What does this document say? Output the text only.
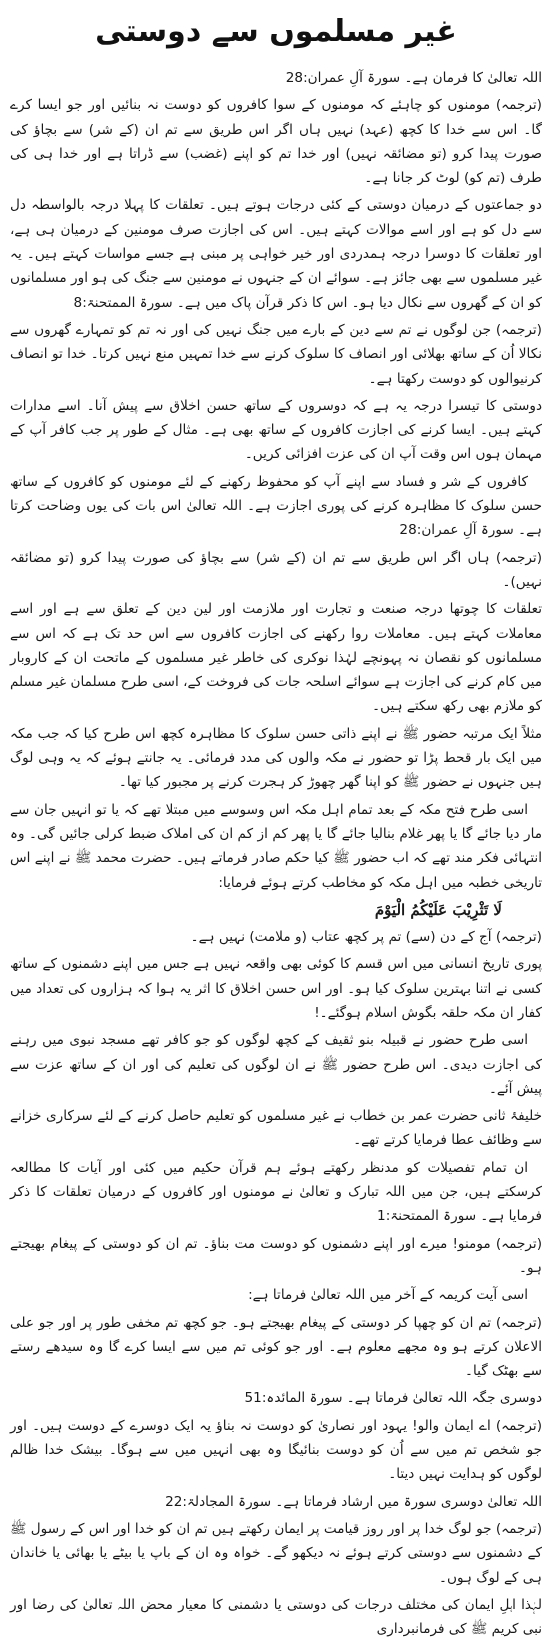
غیر مسلموں سے دوستی

اللہ تعالیٰ کا فرمان ہے۔ سورۃ آلِ عمران:28

(ترجمہ) مومنوں کو چاہئے کہ مومنوں کے سوا کافروں کو دوست نہ بنائیں اور جو ایسا کرے گا۔ اس سے خدا کا کچھ (عہد) نہیں ہاں اگر اس طریق سے تم ان (کے شر) سے بچاؤ کی صورت پیدا کرو (تو مضائقہ نہیں) اور خدا تم کو اپنے (غضب) سے ڈراتا ہے اور خدا ہی کی طرف (تم کو) لوٹ کر جانا ہے۔

دو جماعتوں کے درمیان دوستی کے کئی درجات ہوتے ہیں۔ تعلقات کا پہلا درجہ بالواسطہ دل سے دل کو ہے اور اسے موالات کہتے ہیں۔ اس کی اجازت صرف مومنین کے درمیان ہی ہے، اور تعلقات کا دوسرا درجہ ہمدردی اور خیر خواہی پر مبنی ہے جسے مواسات کہتے ہیں۔ یہ غیر مسلموں سے بھی جائز ہے۔ سوائے ان کے جنہوں نے مومنین سے جنگ کی ہو اور مسلمانوں کو ان کے گھروں سے نکال دیا ہو۔ اس کا ذکر قرآن پاک میں ہے۔ سورۃ الممتحنۃ:8

(ترجمہ) جن لوگوں نے تم سے دین کے بارے میں جنگ نہیں کی اور نہ تم کو تمہارے گھروں سے نکالا اُن کے ساتھ بھلائی اور انصاف کا سلوک کرنے سے خدا تمہیں منع نہیں کرتا۔ خدا تو انصاف کرنیوالوں کو دوست رکھتا ہے۔

دوستی کا تیسرا درجہ یہ ہے کہ دوسروں کے ساتھ حسن اخلاق سے پیش آنا۔ اسے مدارات کہتے ہیں۔ ایسا کرنے کی اجازت کافروں کے ساتھ بھی ہے۔ مثال کے طور پر جب کافر آپ کے مہمان ہوں اس وقت آپ ان کی عزت افزائی کریں۔

کافروں کے شر و فساد سے اپنے آپ کو محفوظ رکھنے کے لئے مومنوں کو کافروں کے ساتھ حسن سلوک کا مظاہرہ کرنے کی پوری اجازت ہے۔ اللہ تعالیٰ اس بات کی یوں وضاحت کرتا ہے۔ سورۃ آلِ عمران:28

(ترجمہ) ہاں اگر اس طریق سے تم ان (کے شر) سے بچاؤ کی صورت پیدا کرو (تو مضائقہ نہیں)۔

تعلقات کا چوتھا درجہ صنعت و تجارت اور ملازمت اور لین دین کے تعلق سے ہے اور اسے معاملات کہتے ہیں۔ معاملات روا رکھنے کی اجازت کافروں سے اس حد تک ہے کہ اس سے مسلمانوں کو نقصان نہ پہونچے لہٰذا نوکری کی خاطر غیر مسلموں کے ماتحت ان کے کاروبار میں کام کرنے کی اجازت ہے سوائے اسلحہ جات کی فروخت کے، اسی طرح مسلمان غیر مسلم کو ملازم بھی رکھ سکتے ہیں۔

مثلاً ایک مرتبہ حضور ﷺ نے اپنے ذاتی حسن سلوک کا مظاہرہ کچھ اس طرح کیا کہ جب مکہ میں ایک بار قحط پڑا تو حضور نے مکہ والوں کی مدد فرمائی۔ یہ جانتے ہوئے کہ یہ وہی لوگ ہیں جنہوں نے حضور ﷺ کو اپنا گھر چھوڑ کر ہجرت کرنے پر مجبور کیا تھا۔

اسی طرح فتح مکہ کے بعد تمام اہل مکہ اس وسوسے میں مبتلا تھے کہ یا تو انہیں جان سے مار دیا جائے گا یا پھر غلام بنالیا جائے گا یا پھر کم از کم ان کی املاک ضبط کرلی جائیں گی۔ وہ انتہائی فکر مند تھے کہ اب حضور ﷺ کیا حکم صادر فرماتے ہیں۔ حضرت محمد ﷺ نے اپنے اس تاریخی خطبہ میں اہل مکہ کو مخاطب کرتے ہوئے فرمایا:

لَا تَثْرِيْبَ عَلَيْكُمُ الْيَوْمَ

(ترجمہ) آج کے دن (سے) تم پر کچھ عتاب (و ملامت) نہیں ہے۔

پوری تاریخ انسانی میں اس قسم کا کوئی بھی واقعہ نہیں ہے جس میں اپنے دشمنوں کے ساتھ کسی نے اتنا بہترین سلوک کیا ہو۔ اور اس حسن اخلاق کا اثر یہ ہوا کہ ہزاروں کی تعداد میں کفار ان مکہ حلقہ بگوش اسلام ہوگئے۔!

اسی طرح حضور نے قبیلہ بنو ثقیف کے کچھ لوگوں کو جو کافر تھے مسجد نبوی میں رہنے کی اجازت دیدی۔ اس طرح حضور ﷺ نے ان لوگوں کی تعلیم کی اور ان کے ساتھ عزت سے پیش آئے۔

خلیفۂ ثانی حضرت عمر بن خطاب نے غیر مسلموں کو تعلیم حاصل کرنے کے لئے سرکاری خزانے سے وظائف عطا فرمایا کرتے تھے۔

ان تمام تفصیلات کو مدنظر رکھتے ہوئے ہم قرآن حکیم میں کئی اور آیات کا مطالعہ کرسکتے ہیں، جن میں اللہ تبارک و تعالیٰ نے مومنوں اور کافروں کے درمیان تعلقات کا ذکر فرمایا ہے۔ سورۃ الممتحنۃ:1

(ترجمہ) مومنو! میرے اور اپنے دشمنوں کو دوست مت بناؤ۔ تم ان کو دوستی کے پیغام بھیجتے ہو۔

اسی آیت کریمہ کے آخر میں اللہ تعالیٰ فرماتا ہے:

(ترجمہ) تم ان کو چھپا کر دوستی کے پیغام بھیجتے ہو۔ جو کچھ تم مخفی طور پر اور جو علی الاعلان کرتے ہو وہ مجھے معلوم ہے۔ اور جو کوئی تم میں سے ایسا کرے گا وہ سیدھے رستے سے بھٹک گیا۔

دوسری جگہ اللہ تعالیٰ فرماتا ہے۔ سورۃ المائدہ:51

(ترجمہ) اے ایمان والو! یہود اور نصاریٰ کو دوست نہ بناؤ یہ ایک دوسرے کے دوست ہیں۔ اور جو شخص تم میں سے اُن کو دوست بنائیگا وہ بھی انہیں میں سے ہوگا۔ بیشک خدا ظالم لوگوں کو ہدایت نہیں دیتا۔

اللہ تعالیٰ دوسری سورۃ میں ارشاد فرماتا ہے۔ سورۃ المجادلۃ:22

(ترجمہ) جو لوگ خدا پر اور روز قیامت پر ایمان رکھتے ہیں تم ان کو خدا اور اس کے رسول ﷺ کے دشمنوں سے دوستی کرتے ہوئے نہ دیکھو گے۔ خواہ وہ ان کے باپ یا بیٹے یا بھائی یا خاندان ہی کے لوگ ہوں۔

لہٰذا اہلِ ایمان کی مختلف درجات کی دوستی یا دشمنی کا معیار محض اللہ تعالیٰ کی رضا اور نبی کریم ﷺ کی فرمانبرداری
